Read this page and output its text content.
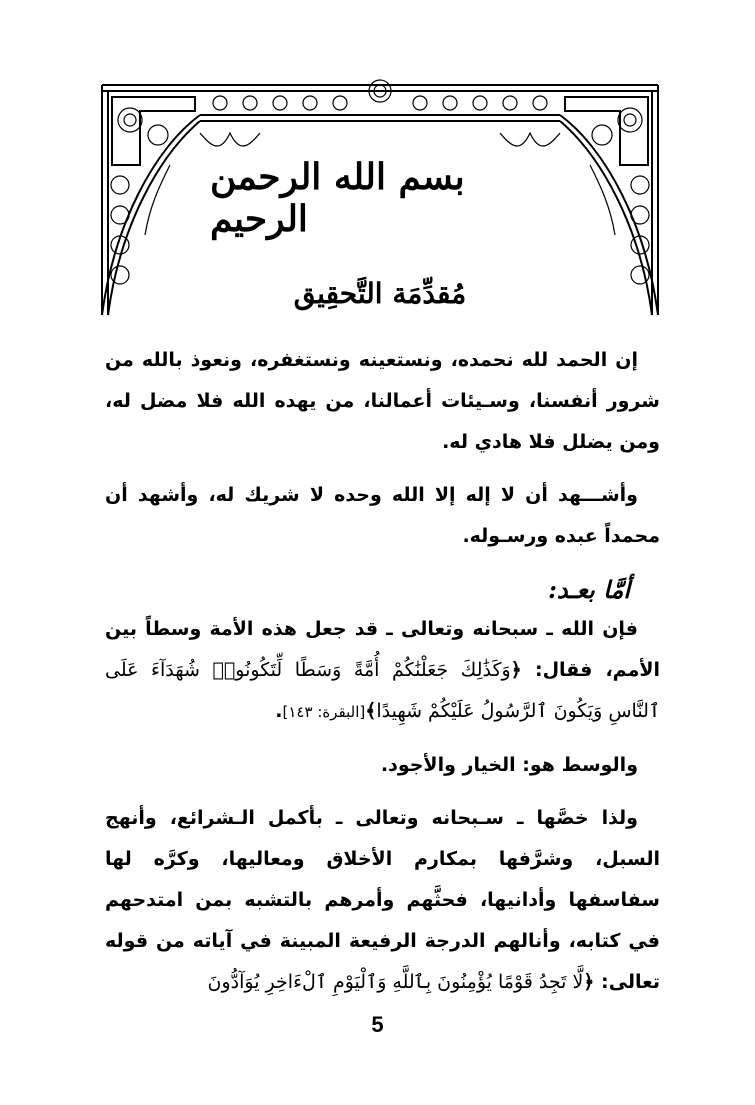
بسم الله الرحمن الرحيم
مُقدِّمَة التَّحقِيق

إن الحمد لله نحمده، ونستعينه ونستغفره، ونعوذ بالله من شرور أنفسنا، وسـيئات أعمالنا، من يهده الله فلا مضل له، ومن يضلل فلا هادي له.

وأشـــهد أن لا إله إلا الله وحده لا شريك له، وأشهد أن محمداً عبده ورسـوله.

أمَّا بعـد:

فإن الله ـ سبحانه وتعالى ـ قد جعل هذه الأمة وسطاً بين الأمم، فقال: ﴿وَكَذَٰلِكَ جَعَلْنَٰكُمْ أُمَّةً وَسَطًا لِّتَكُونُوا۟ شُهَدَآءَ عَلَى ٱلنَّاسِ وَيَكُونَ ٱلرَّسُولُ عَلَيْكُمْ شَهِيدًا﴾[البقرة: ١٤٣].

والوسط هو: الخيار والأجود.

ولذا خصَّها ـ سـبحانه وتعالى ـ بأكمل الـشرائع، وأنهج السبل، وشرَّفها بمكارم الأخلاق ومعاليها، وكرَّه لها سفاسفها وأدانيها، فحثَّهم وأمرهم بالتشبه بمن امتدحهم في كتابه، وأنالهم الدرجة الرفيعة المبينة في آياته من قوله تعالى: ﴿لَّا تَجِدُ قَوْمًا يُؤْمِنُونَ بِٱللَّهِ وَٱلْيَوْمِ ٱلْءَاخِرِ يُوَآدُّونَ

5
